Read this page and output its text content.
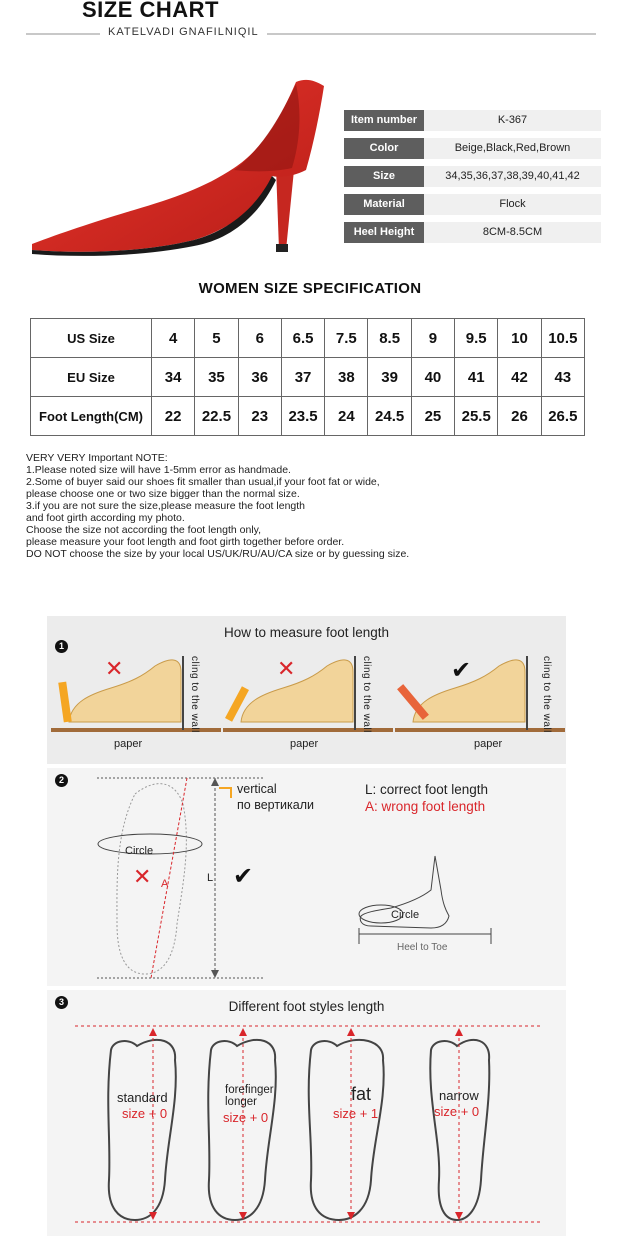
SIZE CHART
KATELVADI GNAFILNIQIL
Item number	K-367
Color	Beige,Black,Red,Brown
Size	34,35,36,37,38,39,40,41,42
Material	Flock
Heel Height	8CM-8.5CM
WOMEN SIZE SPECIFICATION
US Size	4	5	6	6.5	7.5	8.5	9	9.5	10	10.5
EU Size	34	35	36	37	38	39	40	41	42	43
Foot Length(CM)	22	22.5	23	23.5	24	24.5	25	25.5	26	26.5
VERY VERY Important NOTE:
1.Please noted size will have 1-5mm error as handmade.
2.Some of buyer said our shoes fit smaller than usual,if your foot fat or wide,
please choose one or two size bigger than the normal size.
3.if you are not sure the size,please measure the foot length
and foot girth according my photo.
Choose the size not according the foot length only,
please measure your foot length and foot girth together before order.
DO NOT choose the size by your local US/UK/RU/AU/CA size or by guessing size.
1
How to measure foot length
✕	✕	✔
paper	paper	paper
cling to the wall	cling to the wall	cling to the wall
2
✕	✔
Circle
A	L
vertical
по вертикали
L: correct foot length
A: wrong foot length
Circle
Heel to Toe
3	Different foot styles length
standard
size + 0
forefinger longer
size + 0
fat
size + 1
narrow
size + 0
